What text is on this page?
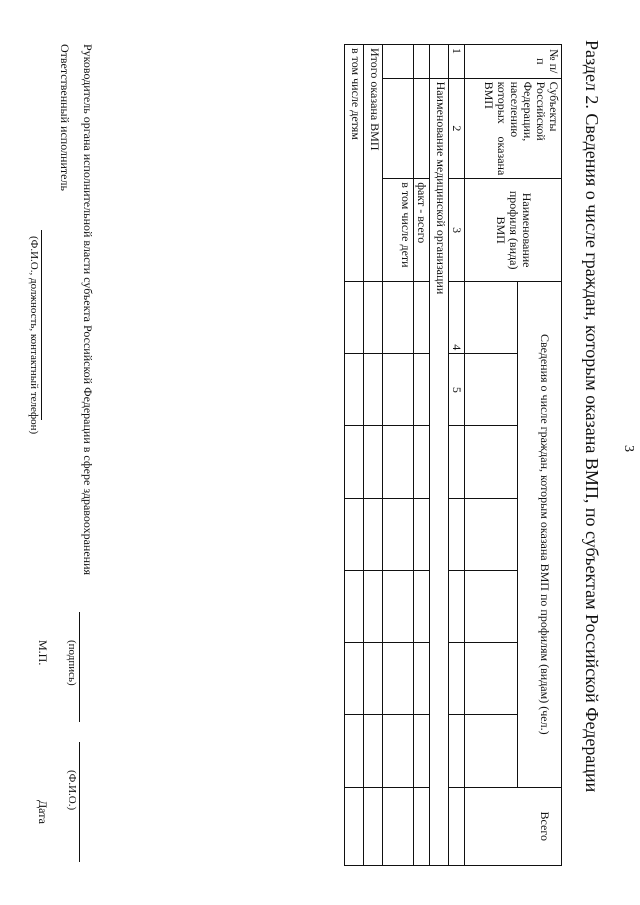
3
Раздел 2. Сведения о числе граждан, которым оказана ВМП, по субъектам Российской Федерации
№ п/п	Субъекты Российской Федерации, населению которых оказана ВМП	Наименование профиля (вида) ВМП	Сведения о числе граждан, которым оказана ВМП по профилям (видам) (чел.)							Всего

1	2	3	4	5						
	Наименование медицинской организации									
		факт - всего								
		в том числе дети								
Итого оказана ВМП										
в том числе детям										
Руководитель органа исполнительной власти субъекта Российской Федерации в сфере здравоохранения
(подпись)
(Ф.И.О.)
М.П.
Дата
Ответственный исполнитель
(Ф.И.О., должность, контактный телефон)
